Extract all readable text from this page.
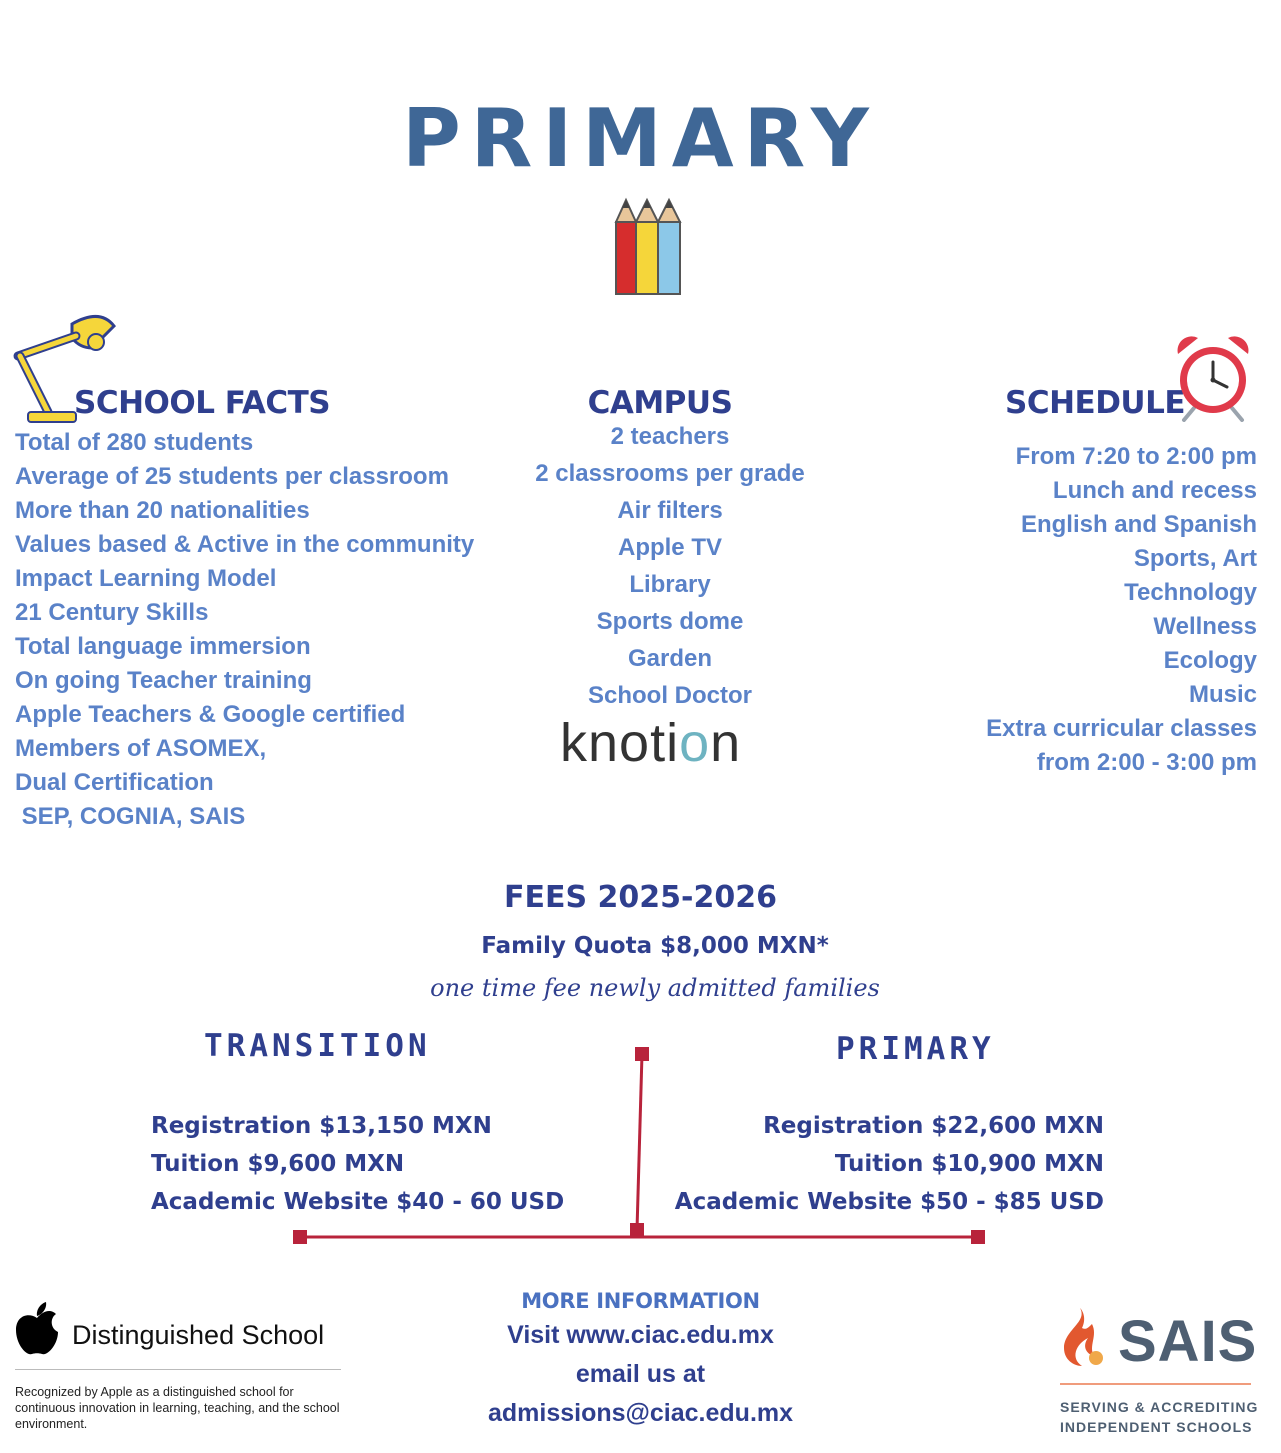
PRIMARY
SCHOOL FACTS
Total of 280 students
Average of 25 students per classroom
More than 20 nationalities
Values based & Active in the community
Impact Learning Model
21 Century Skills
Total language immersion
On going Teacher training
Apple Teachers & Google certified
Members of ASOMEX,
Dual Certification
SEP, COGNIA, SAIS
CAMPUS
2 teachers
2 classrooms per grade
Air filters
Apple TV
Library
Sports dome
Garden
School Doctor
knotion
SCHEDULE
From 7:20 to 2:00 pm
Lunch and recess
English and Spanish
Sports, Art
Technology
Wellness
Ecology
Music
Extra curricular classes
from 2:00 - 3:00 pm
FEES 2025-2026
Family Quota $8,000 MXN*
one time fee newly admitted families
TRANSITION	PRIMARY
Registration $13,150 MXN
Tuition $9,600 MXN
Academic Website $40 - 60 USD
Registration $22,600 MXN
Tuition $10,900 MXN
Academic Website $50 - $85 USD
MORE INFORMATION
Visit www.ciac.edu.mx
email us at
admissions@ciac.edu.mx
Distinguished School
Recognized by Apple as a distinguished school for continuous innovation in learning, teaching, and the school environment.
SAIS
SERVING & ACCREDITING
INDEPENDENT SCHOOLS
